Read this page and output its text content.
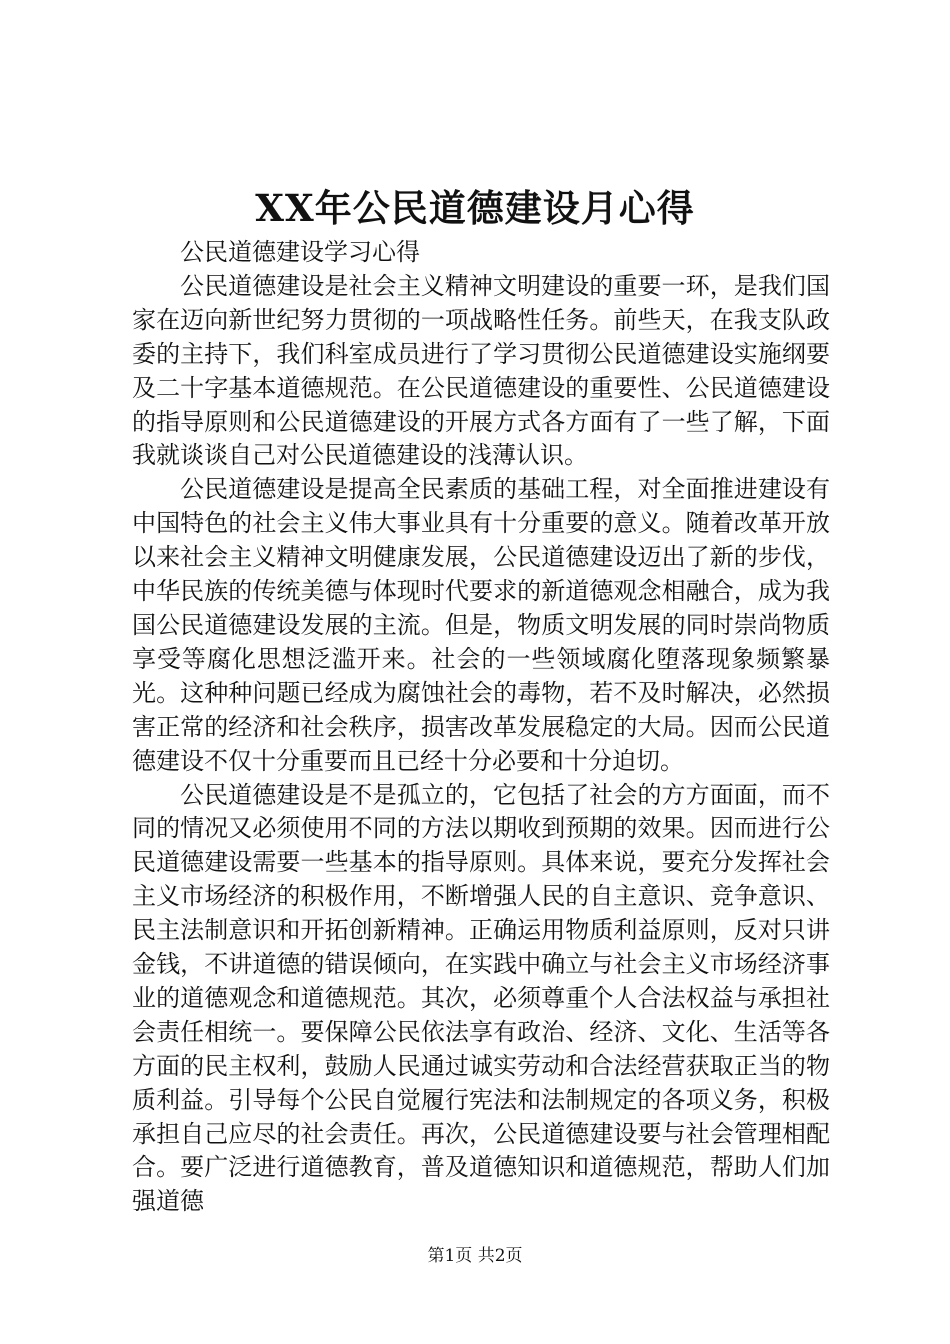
XX年公民道德建设月心得

公民道德建设学习心得

公民道德建设是社会主义精神文明建设的重要一环，是我们国家在迈向新世纪努力贯彻的一项战略性任务。前些天，在我支队政委的主持下，我们科室成员进行了学习贯彻公民道德建设实施纲要及二十字基本道德规范。在公民道德建设的重要性、公民道德建设的指导原则和公民道德建设的开展方式各方面有了一些了解，下面我就谈谈自己对公民道德建设的浅薄认识。

公民道德建设是提高全民素质的基础工程，对全面推进建设有中国特色的社会主义伟大事业具有十分重要的意义。随着改革开放以来社会主义精神文明健康发展，公民道德建设迈出了新的步伐，中华民族的传统美德与体现时代要求的新道德观念相融合，成为我国公民道德建设发展的主流。但是，物质文明发展的同时崇尚物质享受等腐化思想泛滥开来。社会的一些领域腐化堕落现象频繁暴光。这种种问题已经成为腐蚀社会的毒物，若不及时解决，必然损害正常的经济和社会秩序，损害改革发展稳定的大局。因而公民道德建设不仅十分重要而且已经十分必要和十分迫切。

公民道德建设是不是孤立的，它包括了社会的方方面面，而不同的情况又必须使用不同的方法以期收到预期的效果。因而进行公民道德建设需要一些基本的指导原则。具体来说，要充分发挥社会主义市场经济的积极作用，不断增强人民的自主意识、竞争意识、民主法制意识和开拓创新精神。正确运用物质利益原则，反对只讲金钱，不讲道德的错误倾向，在实践中确立与社会主义市场经济事业的道德观念和道德规范。其次，必须尊重个人合法权益与承担社会责任相统一。要保障公民依法享有政治、经济、文化、生活等各方面的民主权利，鼓励人民通过诚实劳动和合法经营获取正当的物质利益。引导每个公民自觉履行宪法和法制规定的各项义务，积极承担自己应尽的社会责任。再次，公民道德建设要与社会管理相配合。要广泛进行道德教育，普及道德知识和道德规范，帮助人们加强道德

第1页 共2页
